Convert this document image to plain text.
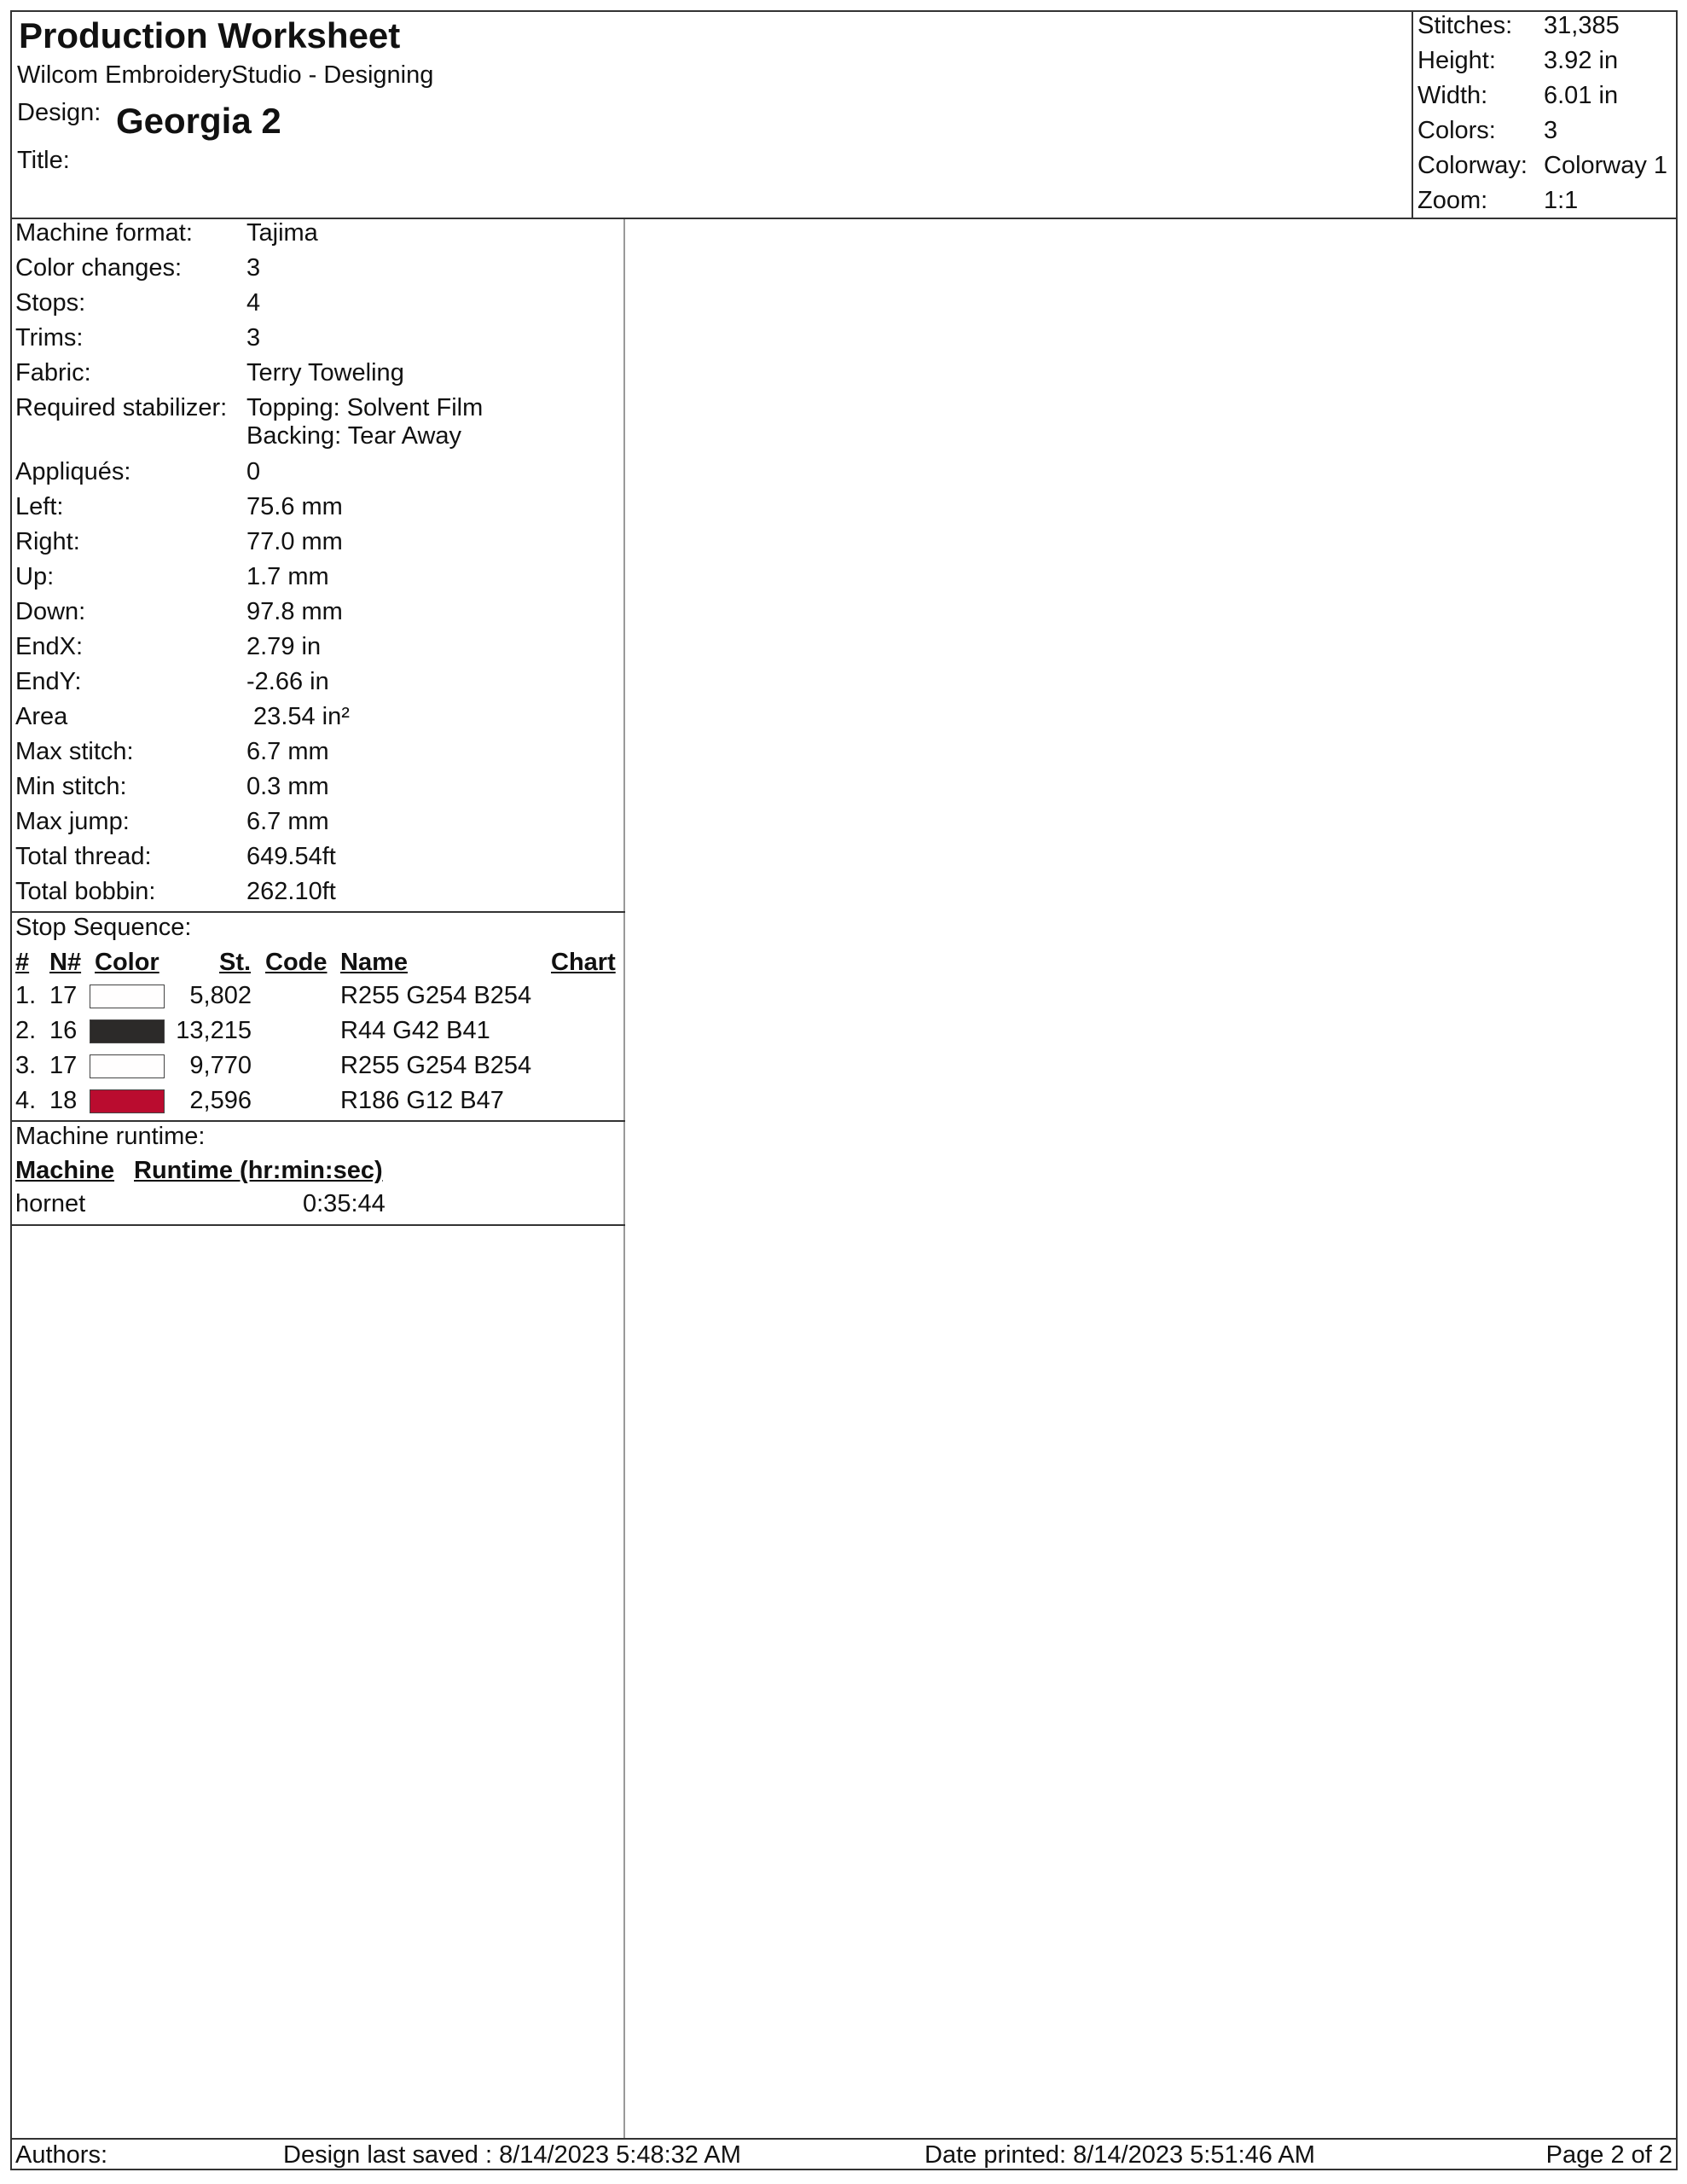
Production Worksheet
Wilcom EmbroideryStudio - Designing
Design: Georgia 2
Title:
Stitches: 31,385
Height: 3.92 in
Width: 6.01 in
Colors: 3
Colorway: Colorway 1
Zoom: 1:1
Machine format: Tajima
Color changes:	3
Stops:	4
Trims:	3
Fabric:	Terry Toweling
Required stabilizer: Topping: Solvent Film
Backing: Tear Away
Appliqués:	0
Left:	75.6 mm
Right:	77.0 mm
Up:	1.7 mm
Down:	97.8 mm
EndX:	2.79 in
EndY:	-2.66 in
Area	23.54 in²
Max stitch:	6.7 mm
Min stitch:	0.3 mm
Max jump:	6.7 mm
Total thread:	649.54ft
Total bobbin:	262.10ft
Stop Sequence:
# N# Color St. Code Name	Chart
1. 17	5,802	R255 G254 B254
2. 16	13,215	R44 G42 B41
3. 17	9,770	R255 G254 B254
4. 18	2,596	R186 G12 B47
Machine runtime:
Machine Runtime (hr:min:sec)
hornet	0:35:44
Authors:	Design last saved : 8/14/2023 5:48:32 AM	Date printed: 8/14/2023 5:51:46 AM	Page 2 of 2
